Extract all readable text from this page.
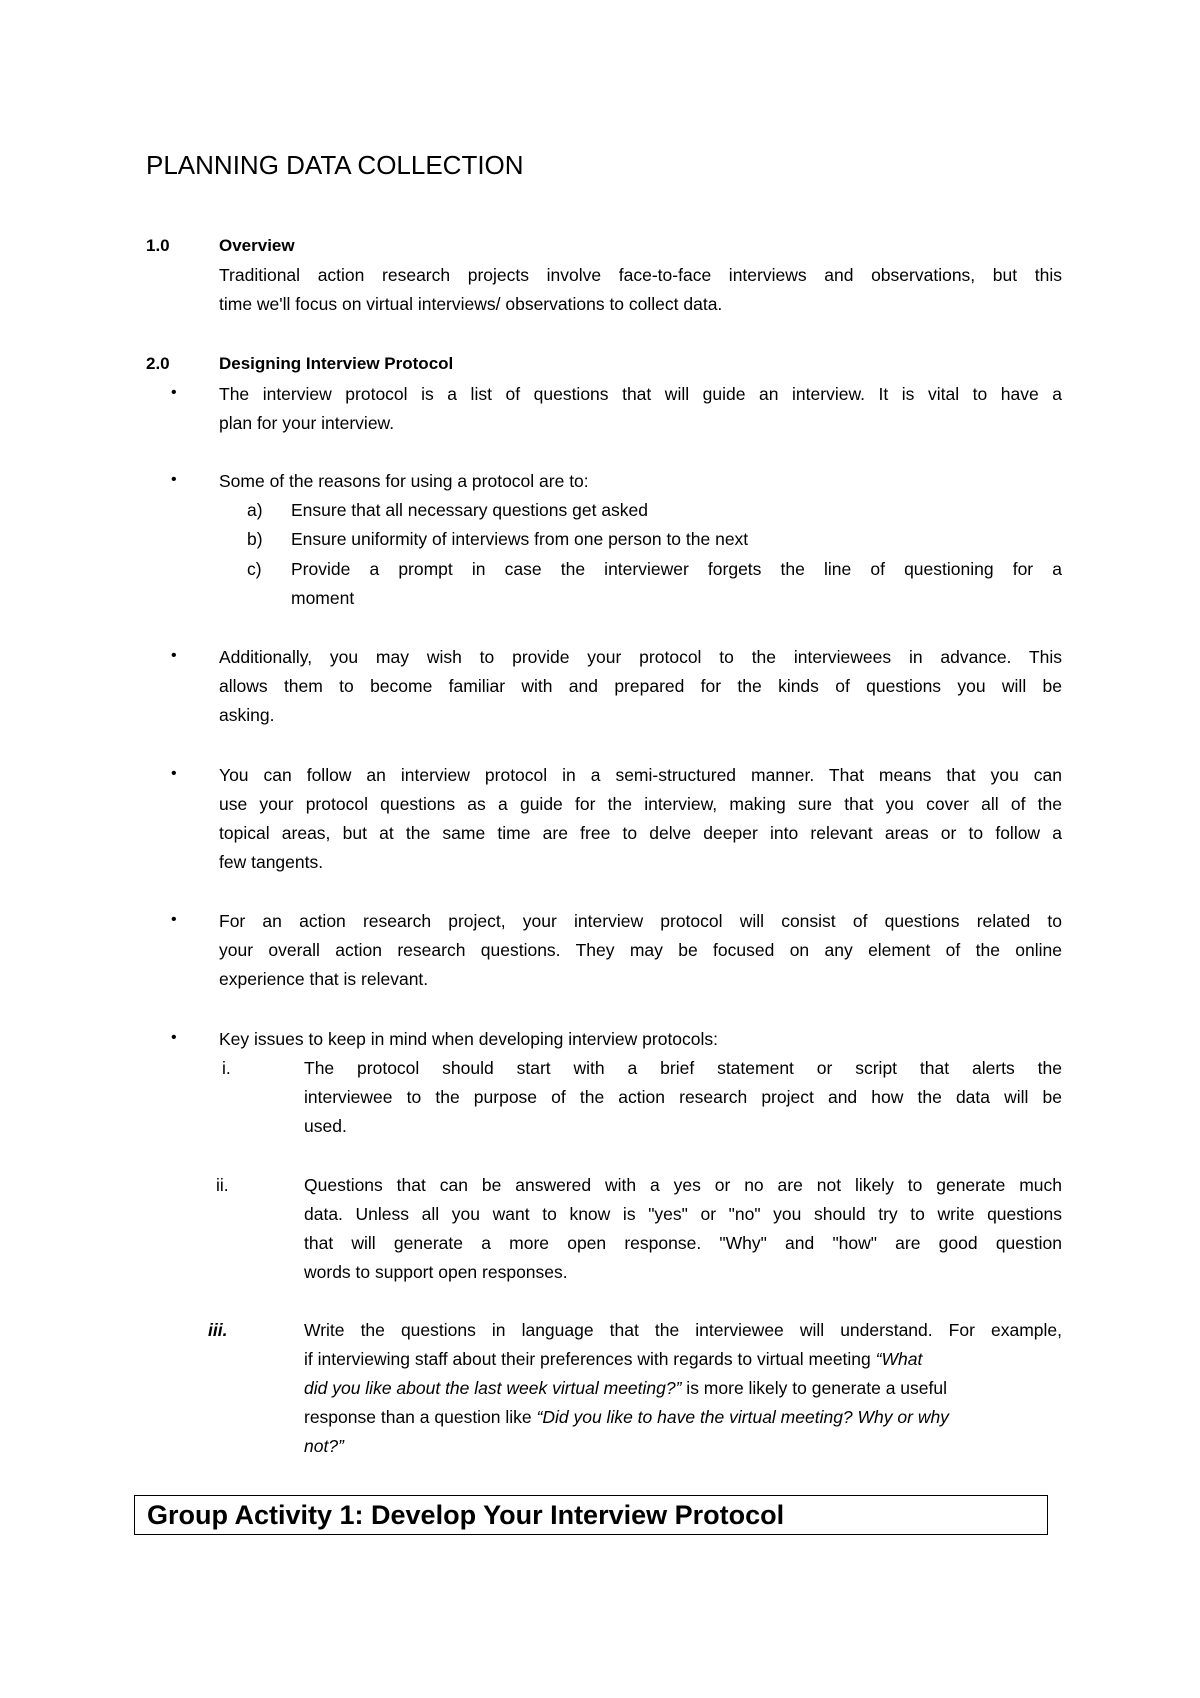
PLANNING DATA COLLECTION
1.0	Overview
Traditional action research projects involve face-to-face interviews and observations, but this
time we'll focus on virtual interviews/ observations to collect data.
2.0	Designing Interview Protocol
• The interview protocol is a list of questions that will guide an interview. It is vital to have a
plan for your interview.
• Some of the reasons for using a protocol are to:
a) Ensure that all necessary questions get asked
b) Ensure uniformity of interviews from one person to the next
c) Provide a prompt in case the interviewer forgets the line of questioning for a
moment
• Additionally, you may wish to provide your protocol to the interviewees in advance. This
allows them to become familiar with and prepared for the kinds of questions you will be
asking.
• You can follow an interview protocol in a semi-structured manner. That means that you can
use your protocol questions as a guide for the interview, making sure that you cover all of the
topical areas, but at the same time are free to delve deeper into relevant areas or to follow a
few tangents.
• For an action research project, your interview protocol will consist of questions related to
your overall action research questions. They may be focused on any element of the online
experience that is relevant.
• Key issues to keep in mind when developing interview protocols:
i.	The protocol should start with a brief statement or script that alerts the
interviewee to the purpose of the action research project and how the data will be
used.
ii.	Questions that can be answered with a yes or no are not likely to generate much
data. Unless all you want to know is "yes" or "no" you should try to write questions
that will generate a more open response. "Why" and "how" are good question
words to support open responses.
iii.	Write the questions in language that the interviewee will understand. For example,
if interviewing staff about their preferences with regards to virtual meeting “What
did you like about the last week virtual meeting?” is more likely to generate a useful
response than a question like “Did you like to have the virtual meeting? Why or why
not?”
Group Activity 1: Develop Your Interview Protocol
